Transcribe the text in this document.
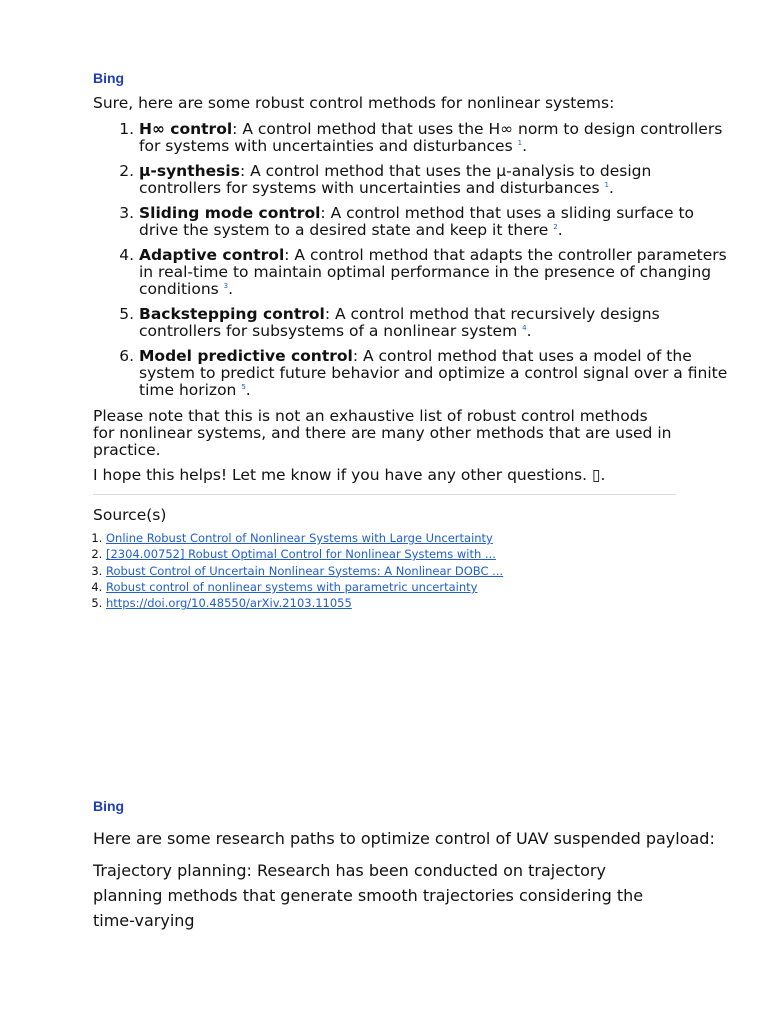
Bing
Sure, here are some robust control methods for nonlinear systems:
1. H∞ control: A control method that uses the H∞ norm to design controllers for systems with uncertainties and disturbances $^1$.
2. μ-synthesis: A control method that uses the μ-analysis to design controllers for systems with uncertainties and disturbances $^1$.
3. Sliding mode control: A control method that uses a sliding surface to drive the system to a desired state and keep it there $^2$.
4. Adaptive control: A control method that adapts the controller parameters in real-time to maintain optimal performance in the presence of changing conditions $^3$.
5. Backstepping control: A control method that recursively designs controllers for subsystems of a nonlinear system $^4$.
6. Model predictive control: A control method that uses a model of the system to predict future behavior and optimize a control signal over a finite time horizon $^5$.
Please note that this is not an exhaustive list of robust control methods for nonlinear systems, and there are many other methods that are used in practice.
I hope this helps! Let me know if you have any other questions. ▯.
Source(s)
1. Online Robust Control of Nonlinear Systems with Large Uncertainty
2. [2304.00752] Robust Optimal Control for Nonlinear Systems with ...
3. Robust Control of Uncertain Nonlinear Systems: A Nonlinear DOBC ...
4. Robust control of nonlinear systems with parametric uncertainty
5. https://doi.org/10.48550/arXiv.2103.11055
Bing
Here are some research paths to optimize control of UAV suspended payload:
Trajectory planning: Research has been conducted on trajectory planning methods that generate smooth trajectories considering the time-varying
